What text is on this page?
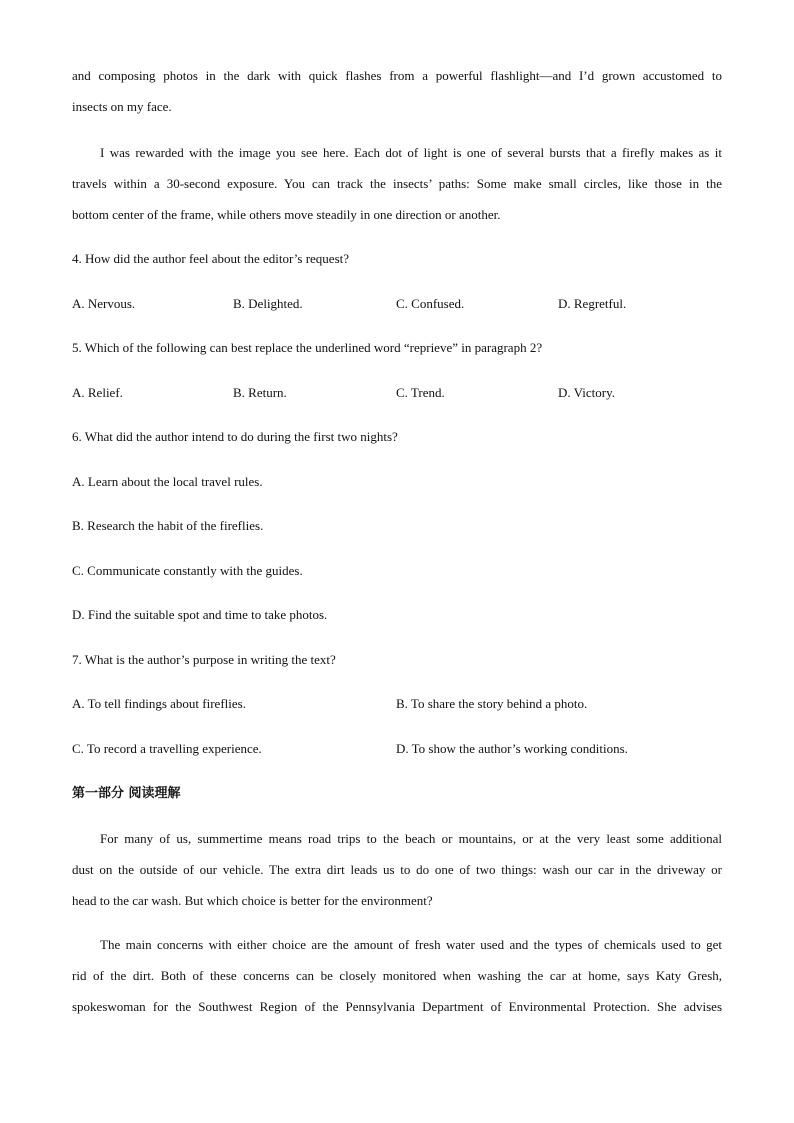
and composing photos in the dark with quick flashes from a powerful flashlight—and I’d grown accustomed to
insects on my face.
I was rewarded with the image you see here. Each dot of light is one of several bursts that a firefly makes as it
travels within a 30-second exposure. You can track the insects’ paths: Some make small circles, like those in the
bottom center of the frame, while others move steadily in one direction or another.
4. How did the author feel about the editor’s request?
A. Nervous.	B. Delighted.	C. Confused.	D. Regretful.
5. Which of the following can best replace the underlined word “reprieve” in paragraph 2?
A. Relief.	B. Return.	C. Trend.	D. Victory.
6. What did the author intend to do during the first two nights?
A. Learn about the local travel rules.
B. Research the habit of the fireflies.
C. Communicate constantly with the guides.
D. Find the suitable spot and time to take photos.
7. What is the author’s purpose in writing the text?
A. To tell findings about fireflies.	B. To share the story behind a photo.
C. To record a travelling experience.	D. To show the author’s working conditions.
第一部分 阅读理解
For many of us, summertime means road trips to the beach or mountains, or at the very least some additional
dust on the outside of our vehicle. The extra dirt leads us to do one of two things: wash our car in the driveway or
head to the car wash. But which choice is better for the environment?
The main concerns with either choice are the amount of fresh water used and the types of chemicals used to get
rid of the dirt. Both of these concerns can be closely monitored when washing the car at home, says Katy Gresh,
spokeswoman for the Southwest Region of the Pennsylvania Department of Environmental Protection. She advises
